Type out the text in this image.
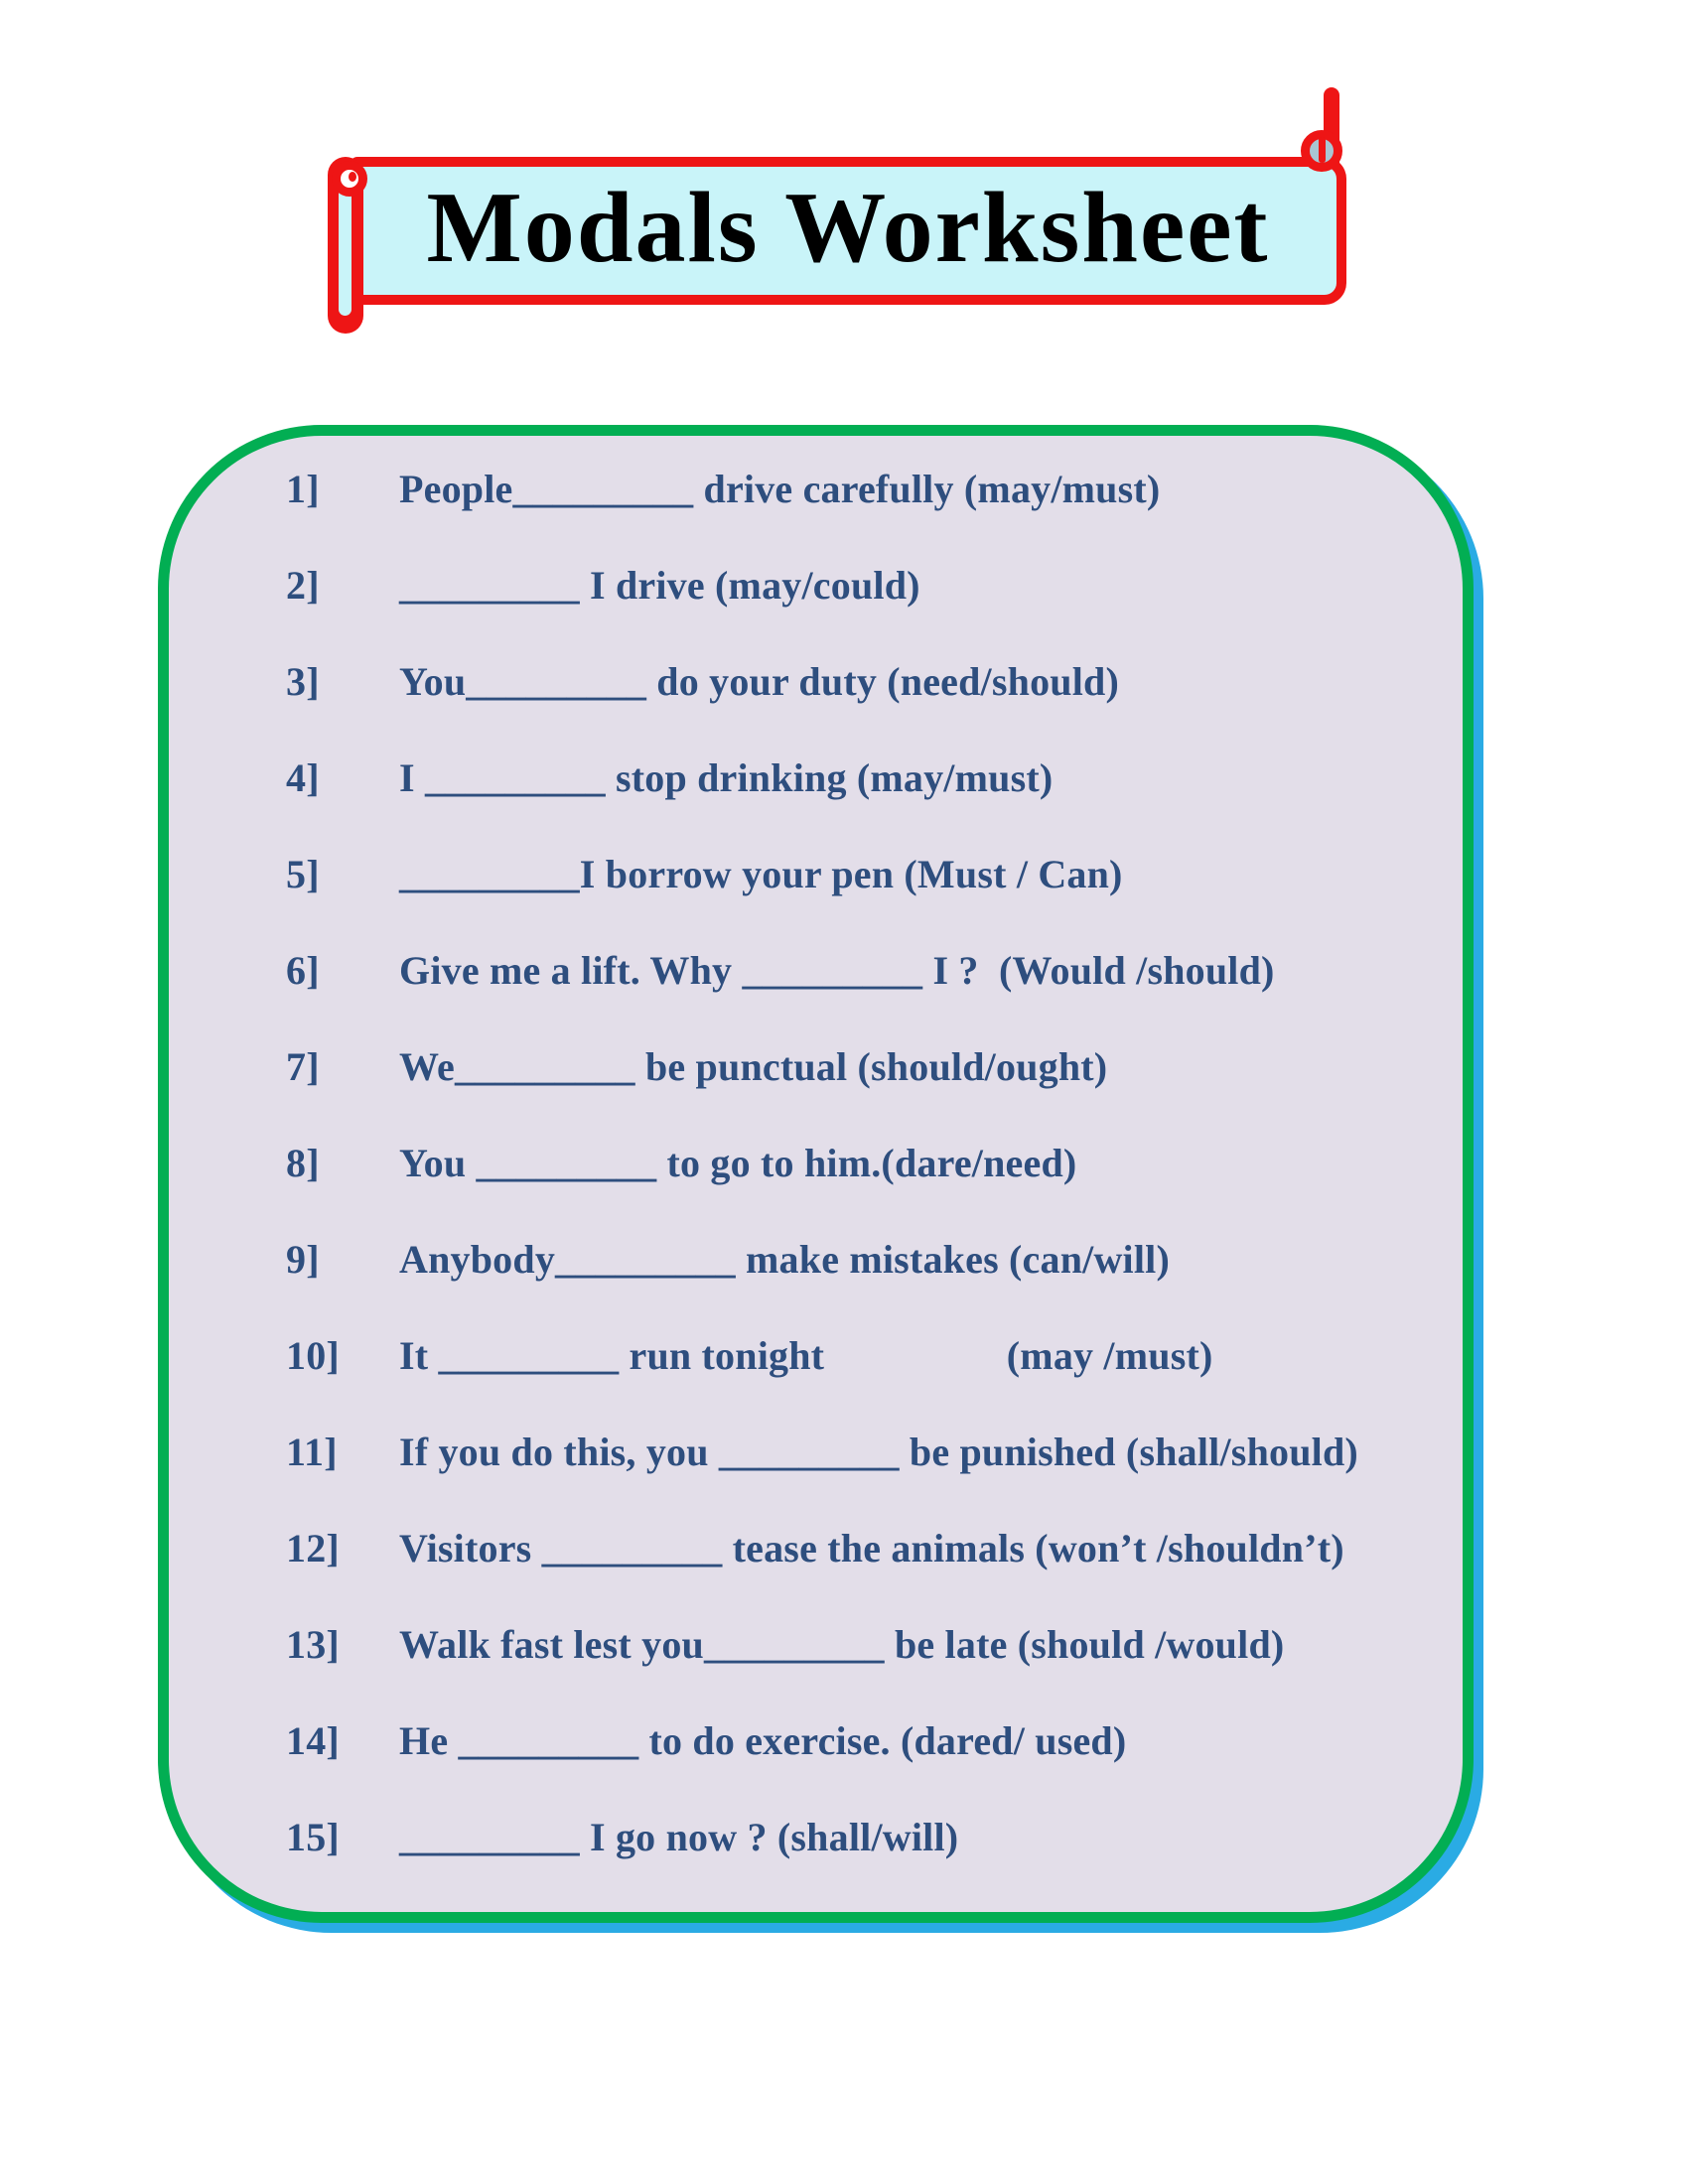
Modals Worksheet
1]	People_________ drive carefully (may/must)
2]	_________ I drive (may/could)
3]	You_________ do your duty (need/should)
4]	I _________ stop drinking (may/must)
5]	_________I borrow your pen (Must / Can)
6]	Give me a lift. Why _________ I ?  (Would /should)
7]	We_________ be punctual (should/ought)
8]	You _________ to go to him.(dare/need)
9]	Anybody_________ make mistakes (can/will)
10]	It _________ run tonight                  (may /must)
11]	If you do this, you _________ be punished (shall/should)
12]	Visitors _________ tease the animals (won’t /shouldn’t)
13]	Walk fast lest you_________ be late (should /would)
14]	He _________ to do exercise. (dared/ used)
15]	_________ I go now ? (shall/will)
